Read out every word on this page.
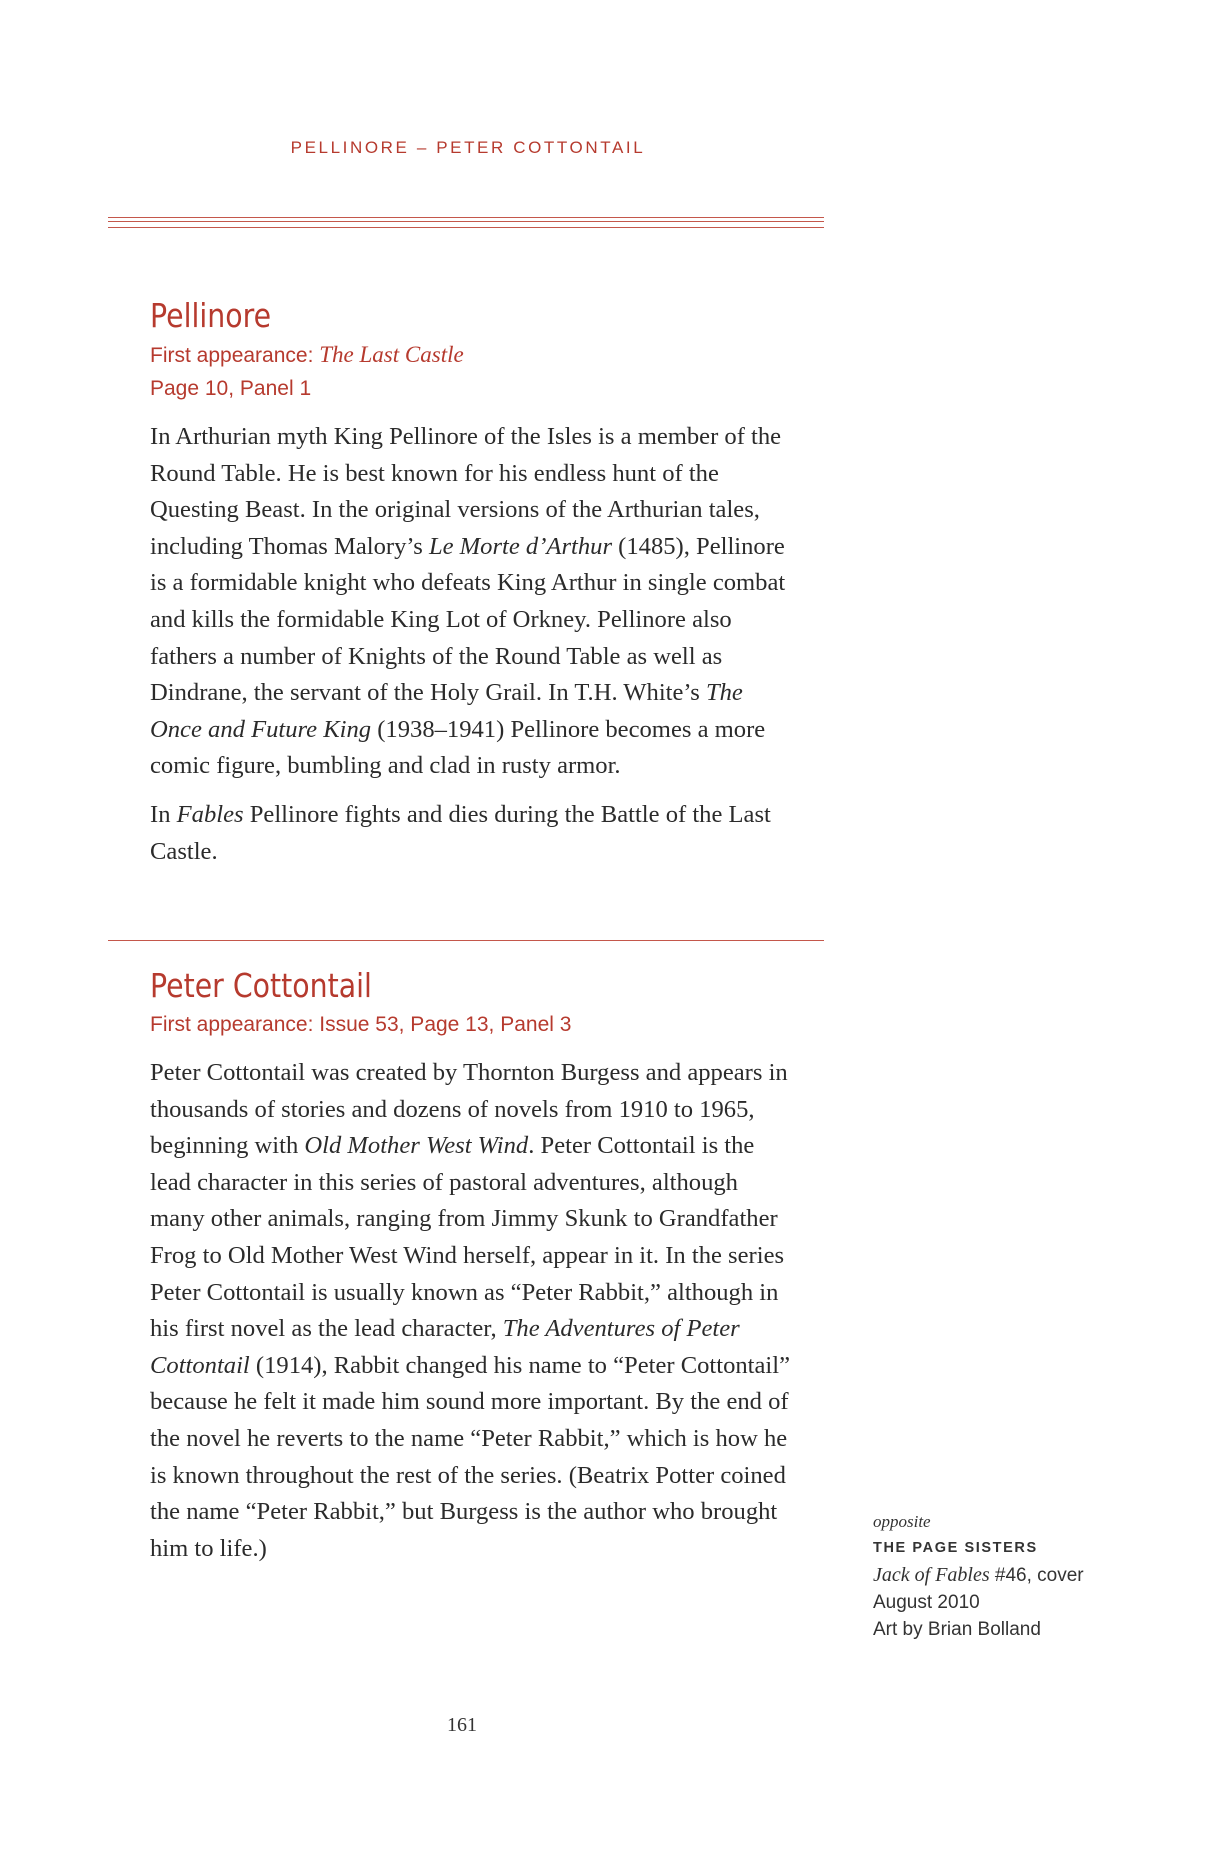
PELLINORE – PETER COTTONTAIL
Pellinore
First appearance: The Last Castle
Page 10, Panel 1

In Arthurian myth King Pellinore of the Isles is a member of the Round Table. He is best known for his endless hunt of the Questing Beast. In the original versions of the Arthurian tales, including Thomas Malory’s Le Morte d’Arthur (1485), Pellinore is a formidable knight who defeats King Arthur in single combat and kills the formidable King Lot of Orkney. Pellinore also fathers a number of Knights of the Round Table as well as Dindrane, the servant of the Holy Grail. In T.H. White’s The Once and Future King (1938–1941) Pellinore becomes a more comic figure, bumbling and clad in rusty armor.

In Fables Pellinore fights and dies during the Battle of the Last Castle.

Peter Cottontail
First appearance: Issue 53, Page 13, Panel 3

Peter Cottontail was created by Thornton Burgess and appears in thousands of stories and dozens of novels from 1910 to 1965, beginning with Old Mother West Wind. Peter Cottontail is the lead character in this series of pastoral adventures, although many other animals, ranging from Jimmy Skunk to Grandfather Frog to Old Mother West Wind herself, appear in it. In the series Peter Cottontail is usually known as “Peter Rabbit,” although in his first novel as the lead character, The Adventures of Peter Cottontail (1914), Rabbit changed his name to “Peter Cottontail” because he felt it made him sound more important. By the end of the novel he reverts to the name “Peter Rabbit,” which is how he is known throughout the rest of the series. (Beatrix Potter coined the name “Peter Rabbit,” but Burgess is the author who brought him to life.)

opposite
THE PAGE SISTERS
Jack of Fables #46, cover
August 2010
Art by Brian Bolland
161
